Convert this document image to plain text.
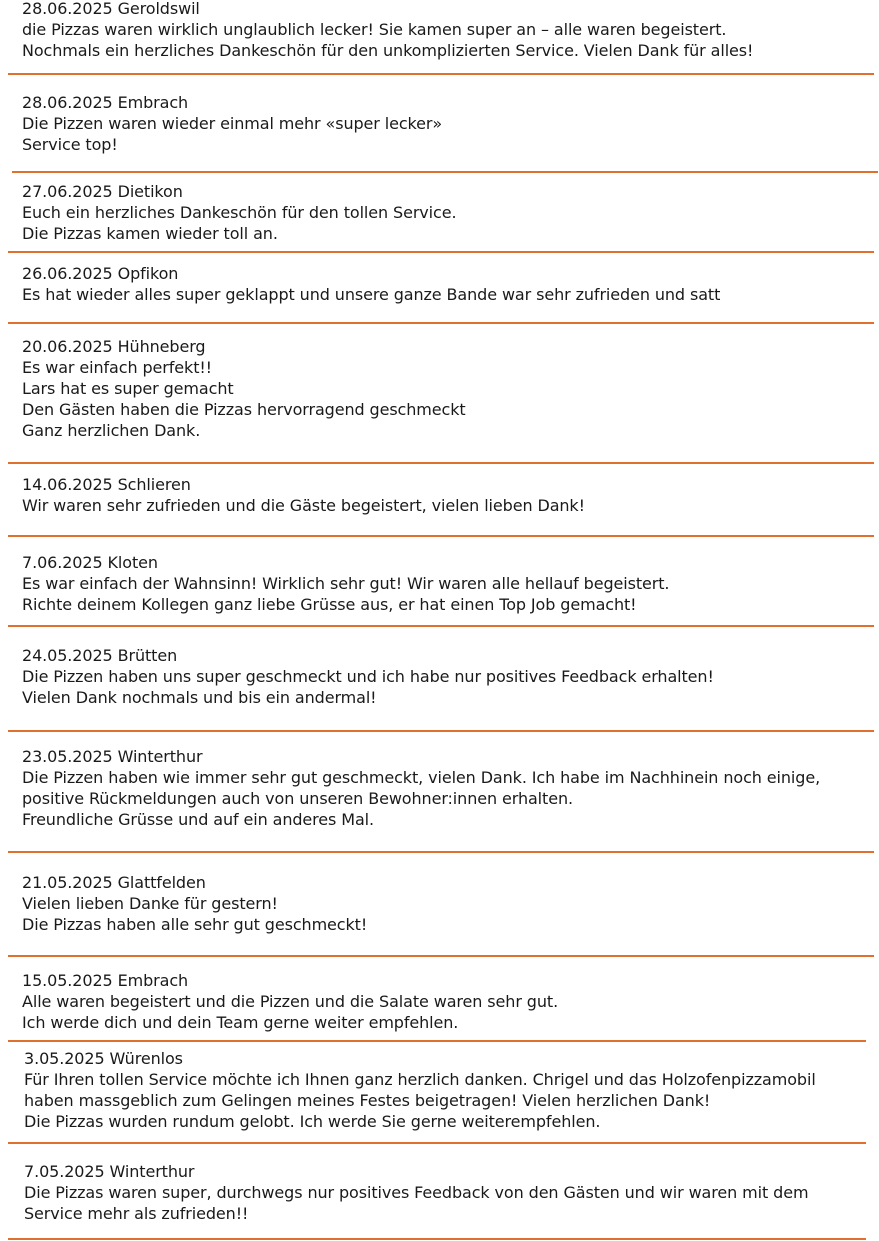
28.06.2025 Geroldswil
die Pizzas waren wirklich unglaublich lecker! Sie kamen super an – alle waren begeistert.
Nochmals ein herzliches Dankeschön für den unkomplizierten Service. Vielen Dank für alles!
28.06.2025 Embrach
Die Pizzen waren wieder einmal mehr «super lecker»
Service top!
27.06.2025 Dietikon
Euch ein herzliches Dankeschön für den tollen Service.
Die Pizzas kamen wieder toll an.
26.06.2025 Opfikon
Es hat wieder alles super geklappt und unsere ganze Bande war sehr zufrieden und satt
20.06.2025 Hühneberg
Es war einfach perfekt!!
Lars hat es super gemacht
Den Gästen haben die Pizzas hervorragend geschmeckt
Ganz herzlichen Dank.
14.06.2025 Schlieren
Wir waren sehr zufrieden und die Gäste begeistert, vielen lieben Dank!
7.06.2025 Kloten
Es war einfach der Wahnsinn! Wirklich sehr gut! Wir waren alle hellauf begeistert.
Richte deinem Kollegen ganz liebe Grüsse aus, er hat einen Top Job gemacht!
24.05.2025 Brütten
Die Pizzen haben uns super geschmeckt und ich habe nur positives Feedback erhalten!
Vielen Dank nochmals und bis ein andermal!
23.05.2025 Winterthur
Die Pizzen haben wie immer sehr gut geschmeckt, vielen Dank. Ich habe im Nachhinein noch einige,
positive Rückmeldungen auch von unseren Bewohner:innen erhalten.
Freundliche Grüsse und auf ein anderes Mal.
21.05.2025 Glattfelden
Vielen lieben Danke für gestern!
Die Pizzas haben alle sehr gut geschmeckt!
15.05.2025 Embrach
Alle waren begeistert und die Pizzen und die Salate waren sehr gut.
Ich werde dich und dein Team gerne weiter empfehlen.
3.05.2025 Würenlos
Für Ihren tollen Service möchte ich Ihnen ganz herzlich danken. Chrigel und das Holzofenpizzamobil
haben massgeblich zum Gelingen meines Festes beigetragen! Vielen herzlichen Dank!
Die Pizzas wurden rundum gelobt. Ich werde Sie gerne weiterempfehlen.
7.05.2025 Winterthur
Die Pizzas waren super, durchwegs nur positives Feedback von den Gästen und wir waren mit dem
Service mehr als zufrieden!!
